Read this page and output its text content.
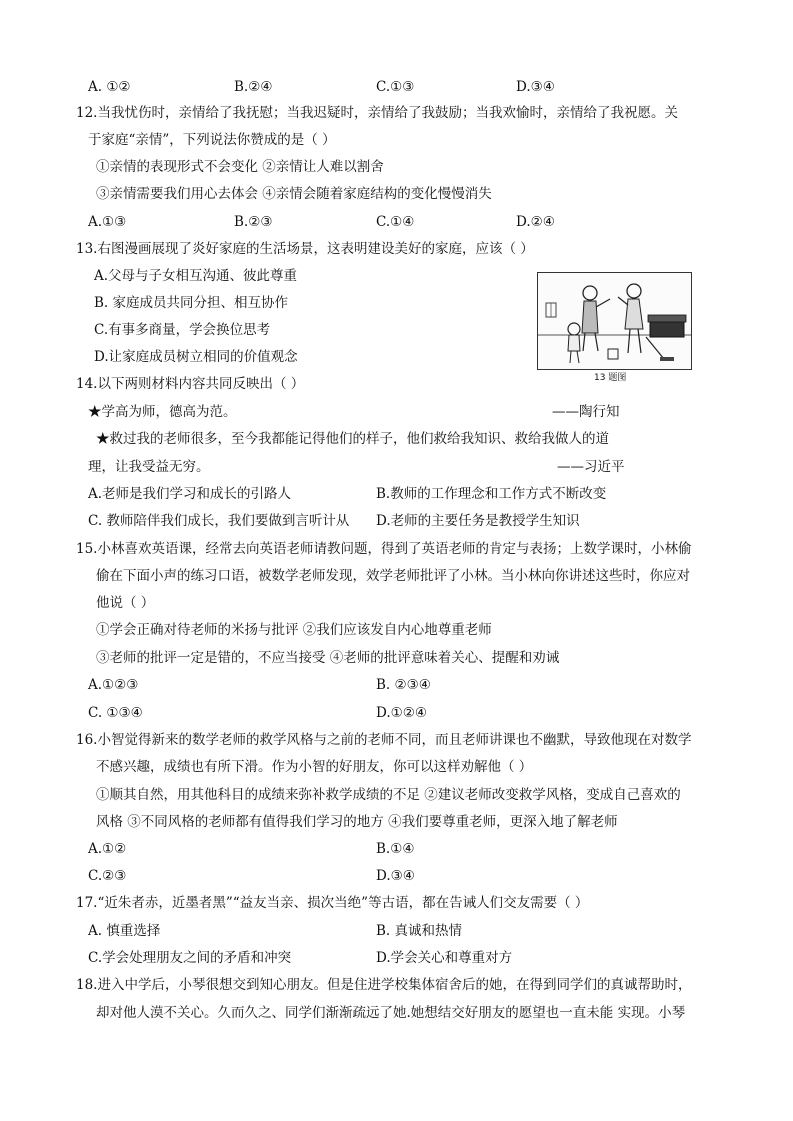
A. ①②	B.②④	C.①③	D.③④
12.当我忧伤时，亲情给了我抚慰；当我迟疑时，亲情给了我鼓励；当我欢愉时，亲情给了我祝愿。关
于家庭“亲情”，下列说法你赞成的是（ ）
①亲情的表现形式不会变化 ②亲情让人难以割舍
③亲情需要我们用心去体会 ④亲情会随着家庭结构的变化慢慢消失
A.①③	B.②③	C.①④	D.②④
13.右图漫画展现了炎好家庭的生活场景，这表明建设美好的家庭，应该（ ）
A.父母与子女相互沟通、彼此尊重
B. 家庭成员共同分担、相互协作
C.有事多商量，学会换位思考
D.让家庭成员树立相同的价值观念
13 题图
14.以下两则材料内容共同反映出（ ）
★学高为师，德高为范。	——陶行知
★救过我的老师很多，至今我都能记得他们的样子，他们救给我知识、救给我做人的道
理，让我受益无穷。	——习近平
A.老师是我们学习和成长的引路人	B.教师的工作理念和工作方式不断改变
C. 教师陪伴我们成长，我们要做到言听计从 D.老师的主要任务是教授学生知识
15.小林喜欢英语课，经常去向英语老师请教问题，得到了英语老师的肯定与表扬；上数学课时，小林偷
偷在下面小声的练习口语，被数学老师发现，效学老师批评了小林。当小林向你讲述这些时，你应对
他说（ ）
①学会正确对待老师的米扬与批评 ②我们应该发自内心地尊重老师
③老师的批评一定是错的，不应当接受 ④老师的批评意味着关心、提醒和劝诫
A.①②③	B. ②③④
C. ①③④	D.①②④
16.小智觉得新来的数学老师的救学风格与之前的老师不同，而且老师讲课也不幽默，导致他现在对数学
不感兴趣，成绩也有所下滑。作为小智的好朋友，你可以这样劝解他（ ）
①顺其自然，用其他科目的成绩来弥补救学成绩的不足 ②建议老师改变救学风格，变成自己喜欢的
风格 ③不同风格的老师都有值得我们学习的地方 ④我们要尊重老师，更深入地了解老师
A.①②	B.①④
C.②③	D.③④
17.“近朱者赤，近墨者黑”“益友当亲、损次当绝”等古语，都在告诫人们交友需要（ ）
A. 慎重选择	B. 真诚和热情
C.学会处理朋友之间的矛盾和冲突	D.学会关心和尊重对方
18.进入中学后，小琴很想交到知心朋友。但是住进学校集体宿舍后的她，在得到同学们的真诚帮助时，
却对他人漠不关心。久而久之、同学们渐渐疏远了她.她想结交好朋友的愿望也一直未能 实现。小琴
